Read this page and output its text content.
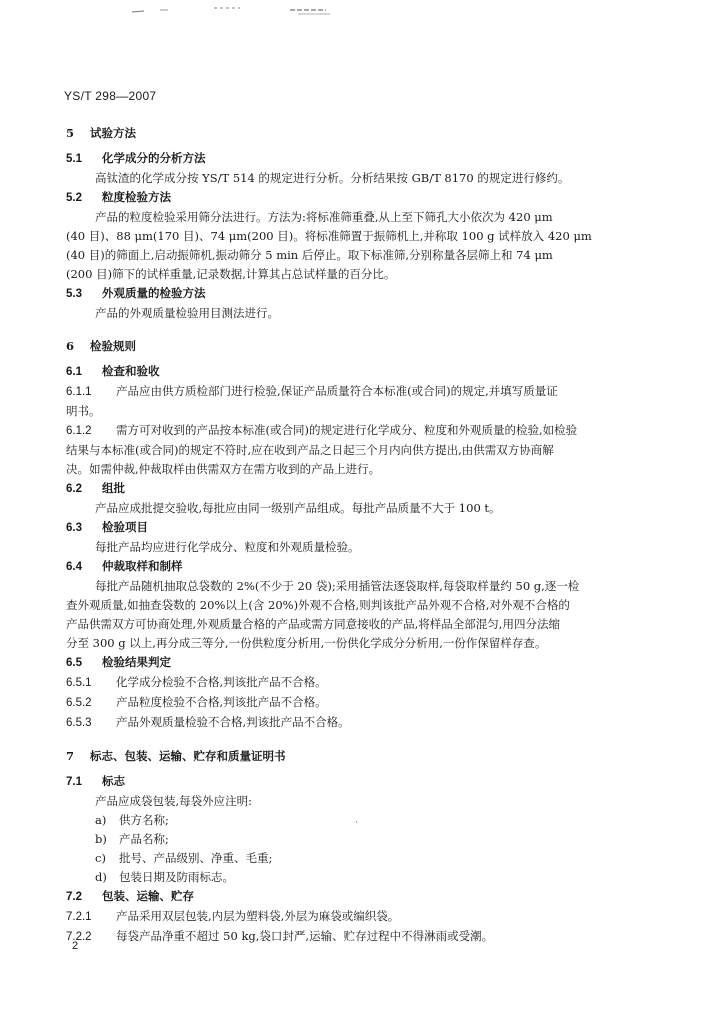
YS/T 298—2007
5 试验方法
5.1 化学成分的分析方法
高钛渣的化学成分按 YS/T 514 的规定进行分析。分析结果按 GB/T 8170 的规定进行修约。
5.2 粒度检验方法
产品的粒度检验采用筛分法进行。方法为:将标准筛重叠,从上至下筛孔大小依次为 420 μm
(40 目)、88 μm(170 目)、74 μm(200 目)。将标准筛置于振筛机上,并称取 100 g 试样放入 420 μm
(40 目)的筛面上,启动振筛机,振动筛分 5 min 后停止。取下标准筛,分别称量各层筛上和 74 μm
(200 目)筛下的试样重量,记录数据,计算其占总试样量的百分比。
5.3 外观质量的检验方法
产品的外观质量检验用目测法进行。
6 检验规则
6.1 检查和验收
6.1.1 产品应由供方质检部门进行检验,保证产品质量符合本标准(或合同)的规定,并填写质量证
明书。
6.1.2 需方可对收到的产品按本标准(或合同)的规定进行化学成分、粒度和外观质量的检验,如检验
结果与本标准(或合同)的规定不符时,应在收到产品之日起三个月内向供方提出,由供需双方协商解
决。如需仲裁,仲裁取样由供需双方在需方收到的产品上进行。
6.2 组批
产品应成批提交验收,每批应由同一级别产品组成。每批产品质量不大于 100 t。
6.3 检验项目
每批产品均应进行化学成分、粒度和外观质量检验。
6.4 仲裁取样和制样
每批产品随机抽取总袋数的 2%(不少于 20 袋);采用插管法逐袋取样,每袋取样量约 50 g,逐一检
查外观质量,如抽查袋数的 20%以上(含 20%)外观不合格,则判该批产品外观不合格,对外观不合格的
产品供需双方可协商处理,外观质量合格的产品或需方同意接收的产品,将样品全部混匀,用四分法缩
分至 300 g 以上,再分成三等分,一份供粒度分析用,一份供化学成分分析用,一份作保留样存查。
6.5 检验结果判定
6.5.1 化学成分检验不合格,判该批产品不合格。
6.5.2 产品粒度检验不合格,判该批产品不合格。
6.5.3 产品外观质量检验不合格,判该批产品不合格。
7 标志、包装、运输、贮存和质量证明书
7.1 标志
产品应成袋包装,每袋外应注明:
a) 供方名称;
b) 产品名称;
c) 批号、产品级别、净重、毛重;
d) 包装日期及防雨标志。
7.2 包装、运输、贮存
7.2.1 产品采用双层包装,内层为塑料袋,外层为麻袋或编织袋。
7.2.2 每袋产品净重不超过 50 kg,袋口封严,运输、贮存过程中不得淋雨或受潮。
˙
2
